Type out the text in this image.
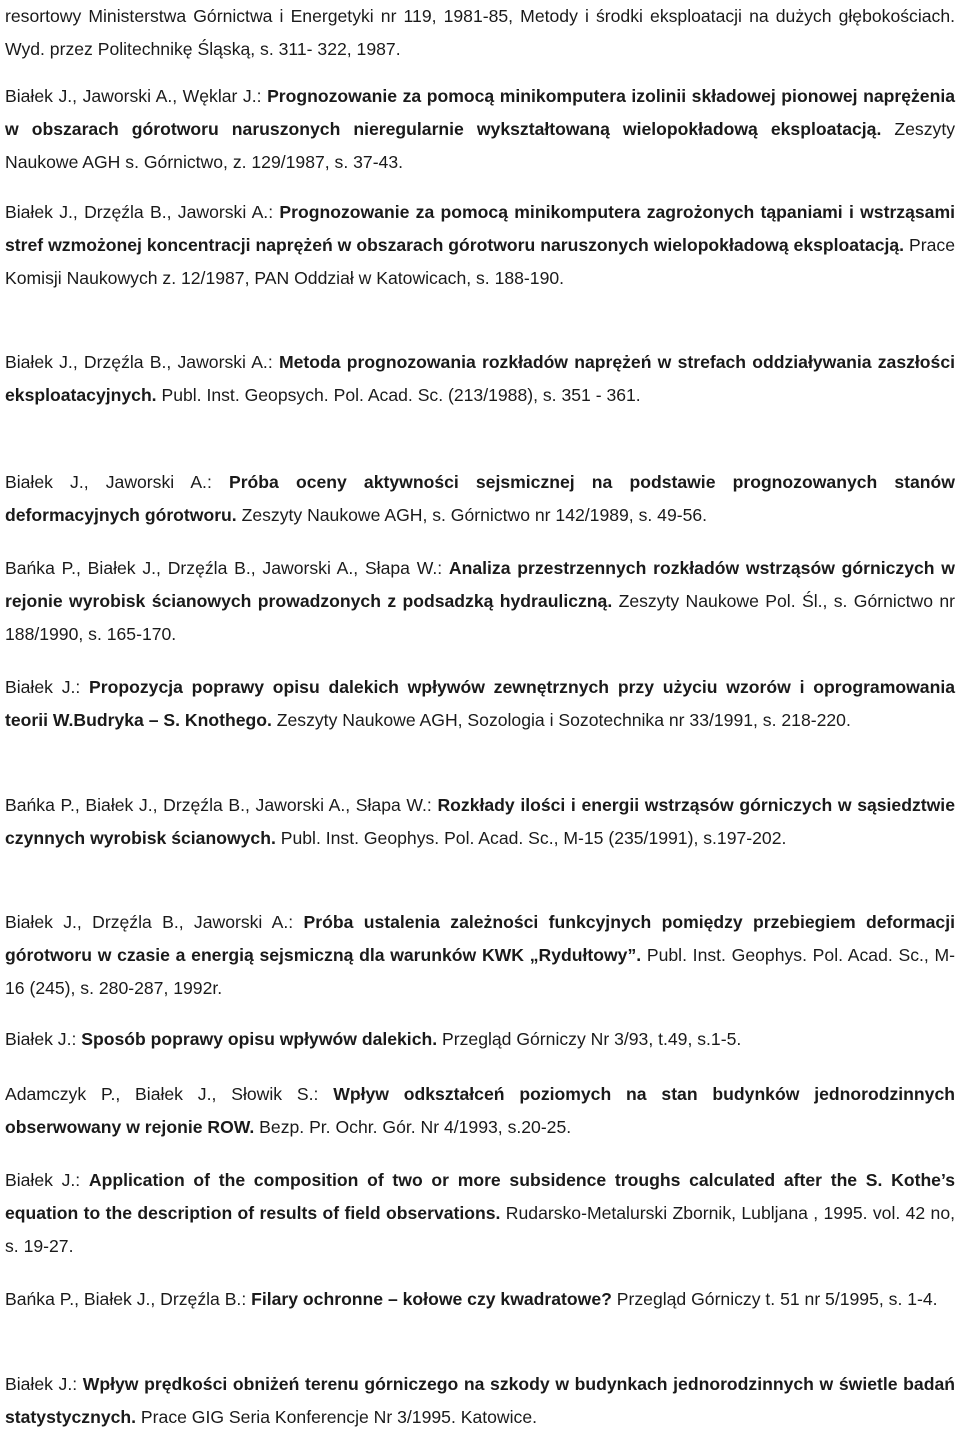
resortowy Ministerstwa Górnictwa i Energetyki nr 119, 1981-85, Metody i środki eksploatacji na dużych głębokościach. Wyd. przez Politechnikę Śląską, s. 311- 322, 1987.

Białek J., Jaworski A., Węklar J.: Prognozowanie za pomocą minikomputera izolinii składowej pionowej naprężenia w obszarach górotworu naruszonych nieregularnie wykształtowaną wielopokładową eksploatacją. Zeszyty Naukowe AGH s. Górnictwo, z. 129/1987, s. 37-43.

Białek J., Drzęźla B., Jaworski A.: Prognozowanie za pomocą minikomputera zagrożonych tąpaniami i wstrząsami stref wzmożonej koncentracji naprężeń w obszarach górotworu naruszonych wielopokładową eksploatacją. Prace Komisji Naukowych z. 12/1987, PAN Oddział w Katowicach, s. 188-190.

Białek J., Drzęźla B., Jaworski A.: Metoda prognozowania rozkładów naprężeń w strefach oddziaływania zaszłości eksploatacyjnych. Publ. Inst. Geopsych. Pol. Acad. Sc. (213/1988), s. 351 - 361.

Białek J., Jaworski A.: Próba oceny aktywności sejsmicznej na podstawie prognozowanych stanów deformacyjnych górotworu. Zeszyty Naukowe AGH, s. Górnictwo nr 142/1989, s. 49-56.

Bańka P., Białek J., Drzęźla B., Jaworski A., Słapa W.: Analiza przestrzennych rozkładów wstrząsów górniczych w rejonie wyrobisk ścianowych prowadzonych z podsadzką hydrauliczną. Zeszyty Naukowe Pol. Śl., s. Górnictwo nr 188/1990, s. 165-170.

Białek J.: Propozycja poprawy opisu dalekich wpływów zewnętrznych przy użyciu wzorów i oprogramowania teorii W.Budryka – S. Knothego. Zeszyty Naukowe AGH, Sozologia i Sozotechnika nr 33/1991, s. 218-220.

Bańka P., Białek J., Drzęźla B., Jaworski A., Słapa W.: Rozkłady ilości i energii wstrząsów górniczych w sąsiedztwie czynnych wyrobisk ścianowych. Publ. Inst. Geophys. Pol. Acad. Sc., M-15 (235/1991), s.197-202.

Białek J., Drzęźla B., Jaworski A.: Próba ustalenia zależności funkcyjnych pomiędzy przebiegiem deformacji górotworu w czasie a energią sejsmiczną dla warunków KWK „Rydułtowy”. Publ. Inst. Geophys. Pol. Acad. Sc., M-16 (245), s. 280-287, 1992r.

Białek J.: Sposób poprawy opisu wpływów dalekich. Przegląd Górniczy Nr 3/93, t.49, s.1-5.

Adamczyk P., Białek J., Słowik S.: Wpływ odkształceń poziomych na stan budynków jednorodzinnych obserwowany w rejonie ROW. Bezp. Pr. Ochr. Gór. Nr 4/1993, s.20-25.

Białek J.: Application of the composition of two or more subsidence troughs calculated after the S. Kothe’s equation to the description of results of field observations. Rudarsko-Metalurski Zbornik, Lubljana , 1995. vol. 42 no, s. 19-27.

Bańka P., Białek J., Drzęźla B.: Filary ochronne – kołowe czy kwadratowe? Przegląd Górniczy t. 51 nr 5/1995, s. 1-4.

Białek J.: Wpływ prędkości obniżeń terenu górniczego na szkody w budynkach jednorodzinnych w świetle badań statystycznych. Prace GIG Seria Konferencje Nr 3/1995. Katowice.
